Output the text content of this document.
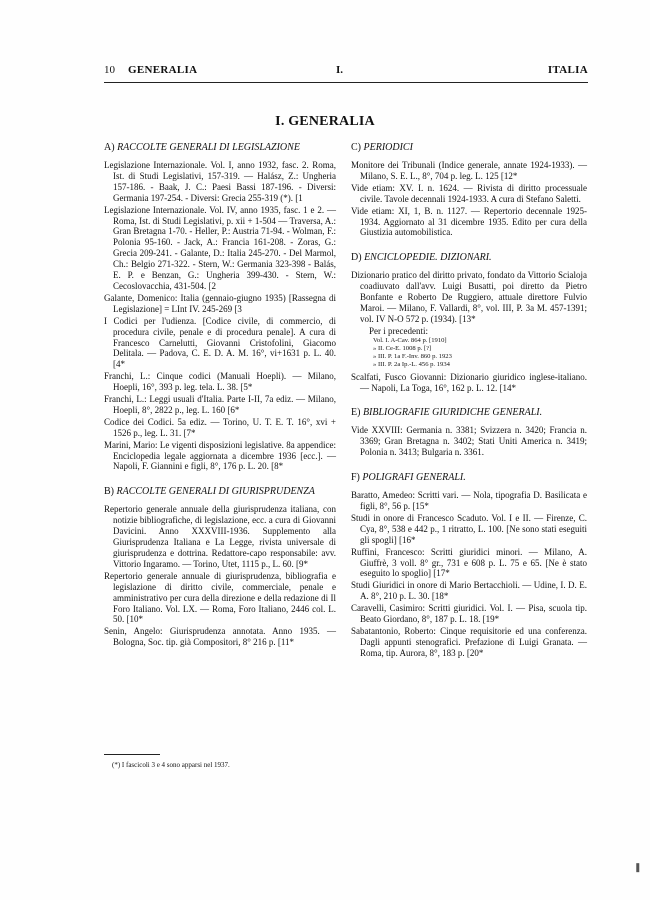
10 GENERALIA	I.	ITALIA
I. GENERALIA
A) RACCOLTE GENERALI DI LEGISLAZIONE

Legislazione Internazionale. Vol. I, anno 1932, fasc. 2. Roma, Ist. di Studi Legislativi, 157-319. — Halász, Z.: Ungheria 157-186. - Baak, J. C.: Paesi Bassi 187-196. - Diversi: Germania 197-254. - Diversi: Grecia 255-319 (*). [1

Legislazione Internazionale. Vol. IV, anno 1935, fasc. 1 e 2. — Roma, Ist. di Studi Legislativi, p. xii + 1-504 — Traversa, A.: Gran Bretagna 1-70. - Heller, P.: Austria 71-94. - Wolman, F.: Polonia 95-160. - Jack, A.: Francia 161-208. - Zoras, G.: Grecia 209-241. - Galante, D.: Italia 245-270. - Del Marmol, Ch.: Belgio 271-322. - Stern, W.: Germania 323-398 - Balás, E. P. e Benzan, G.: Ungheria 399-430. - Stern, W.: Cecoslovacchia, 431-504. [2

Galante, Domenico: Italia (gennaio-giugno 1935) [Rassegna di Legislazione] = LInt IV. 245-269 [3

I Codici per l'udienza. [Codice civile, di commercio, di procedura civile, penale e di procedura penale]. A cura di Francesco Carnelutti, Giovanni Cristofolini, Giacomo Delitala. — Padova, C. E. D. A. M. 16°, vi+1631 p. L. 40. [4*

Franchi, L.: Cinque codici (Manuali Hoepli). — Milano, Hoepli, 16°, 393 p. leg. tela. L. 38. [5*

Franchi, L.: Leggi usuali d'Italia. Parte I-II, 7a ediz. — Milano, Hoepli, 8°, 2822 p., leg. L. 160 [6*

Codice dei Codici. 5a ediz. — Torino, U. T. E. T. 16°, xvi + 1526 p., leg. L. 31. [7*

Marini, Mario: Le vigenti disposizioni legislative. 8a appendice: Enciclopedia legale aggiornata a dicembre 1936 [ecc.]. — Napoli, F. Giannini e figli, 8°, 176 p. L. 20. [8*

B) RACCOLTE GENERALI DI GIURISPRUDENZA

Repertorio generale annuale della giurisprudenza italiana, con notizie bibliografiche, di legislazione, ecc. a cura di Giovanni Davicini. Anno XXXVIII-1936. Supplemento alla Giurisprudenza Italiana e La Legge, rivista universale di giurisprudenza e dottrina. Redattore-capo responsabile: avv. Vittorio Ingaramo. — Torino, Utet, 1115 p., L. 60. [9*

Repertorio generale annuale di giurisprudenza, bibliografia e legislazione di diritto civile, commerciale, penale e amministrativo per cura della direzione e della redazione di Il Foro Italiano. Vol. LX. — Roma, Foro Italiano, 2446 col. L. 50. [10*

Senin, Angelo: Giurisprudenza annotata. Anno 1935. — Bologna, Soc. tip. già Compositori, 8° 216 p. [11*

C) PERIODICI

Monitore dei Tribunali (Indice generale, annate 1924-1933). — Milano, S. E. L., 8°, 704 p. leg. L. 125 [12*

Vide etiam: XV. I. n. 1624. — Rivista di diritto processuale civile. Tavole decennali 1924-1933. A cura di Stefano Saletti.

Vide etiam: XI, 1, B. n. 1127. — Repertorio decennale 1925-1934. Aggiornato al 31 dicembre 1935. Edito per cura della Giustizia automobilistica.

D) ENCICLOPEDIE. DIZIONARI.

Dizionario pratico del diritto privato, fondato da Vittorio Scialoja coadiuvato dall'avv. Luigi Busatti, poi diretto da Pietro Bonfante e Roberto De Ruggiero, attuale direttore Fulvio Maroi. — Milano, F. Vallardi, 8°, vol. III, P. 3a M. 457-1391; vol. IV N-O 572 p. (1934). [13*

Per i precedenti:

Vol. I. A-Cav. 864 p. [1910]
» II. Ce-E. 1008 p. [?]
» III. P. 1a F.-Inv. 860 p. 1923
» III. P. 2a Ip.-L. 456 p. 1934

Scalfati, Fusco Giovanni: Dizionario giuridico inglese-italiano. — Napoli, La Toga, 16°, 162 p. L. 12. [14*

E) BIBLIOGRAFIE GIURIDICHE GENERALI.

Vide XXVIII: Germania n. 3381; Svizzera n. 3420; Francia n. 3369; Gran Bretagna n. 3402; Stati Uniti America n. 3419; Polonia n. 3413; Bulgaria n. 3361.

F) POLIGRAFI GENERALI.

Baratto, Amedeo: Scritti vari. — Nola, tipografia D. Basilicata e figli, 8°, 56 p. [15*

Studi in onore di Francesco Scaduto. Vol. I e II. — Firenze, C. Cya, 8°, 538 e 442 p., 1 ritratto, L. 100. [Ne sono stati eseguiti gli spogli] [16*

Ruffini, Francesco: Scritti giuridici minori. — Milano, A. Giuffrè, 3 voll. 8° gr., 731 e 608 p. L. 75 e 65. [Ne è stato eseguito lo spoglio] [17*

Studi Giuridici in onore di Mario Bertacchioli. — Udine, I. D. E. A. 8°, 210 p. L. 30. [18*

Caravelli, Casimiro: Scritti giuridici. Vol. I. — Pisa, scuola tip. Beato Giordano, 8°, 187 p. L. 18. [19*

Sabatantonio, Roberto: Cinque requisitorie ed una conferenza. Dagli appunti stenografici. Prefazione di Luigi Granata. — Roma, tip. Aurora, 8°, 183 p. [20*

(*) I fascicoli 3 e 4 sono apparsi nel 1937.
❚
